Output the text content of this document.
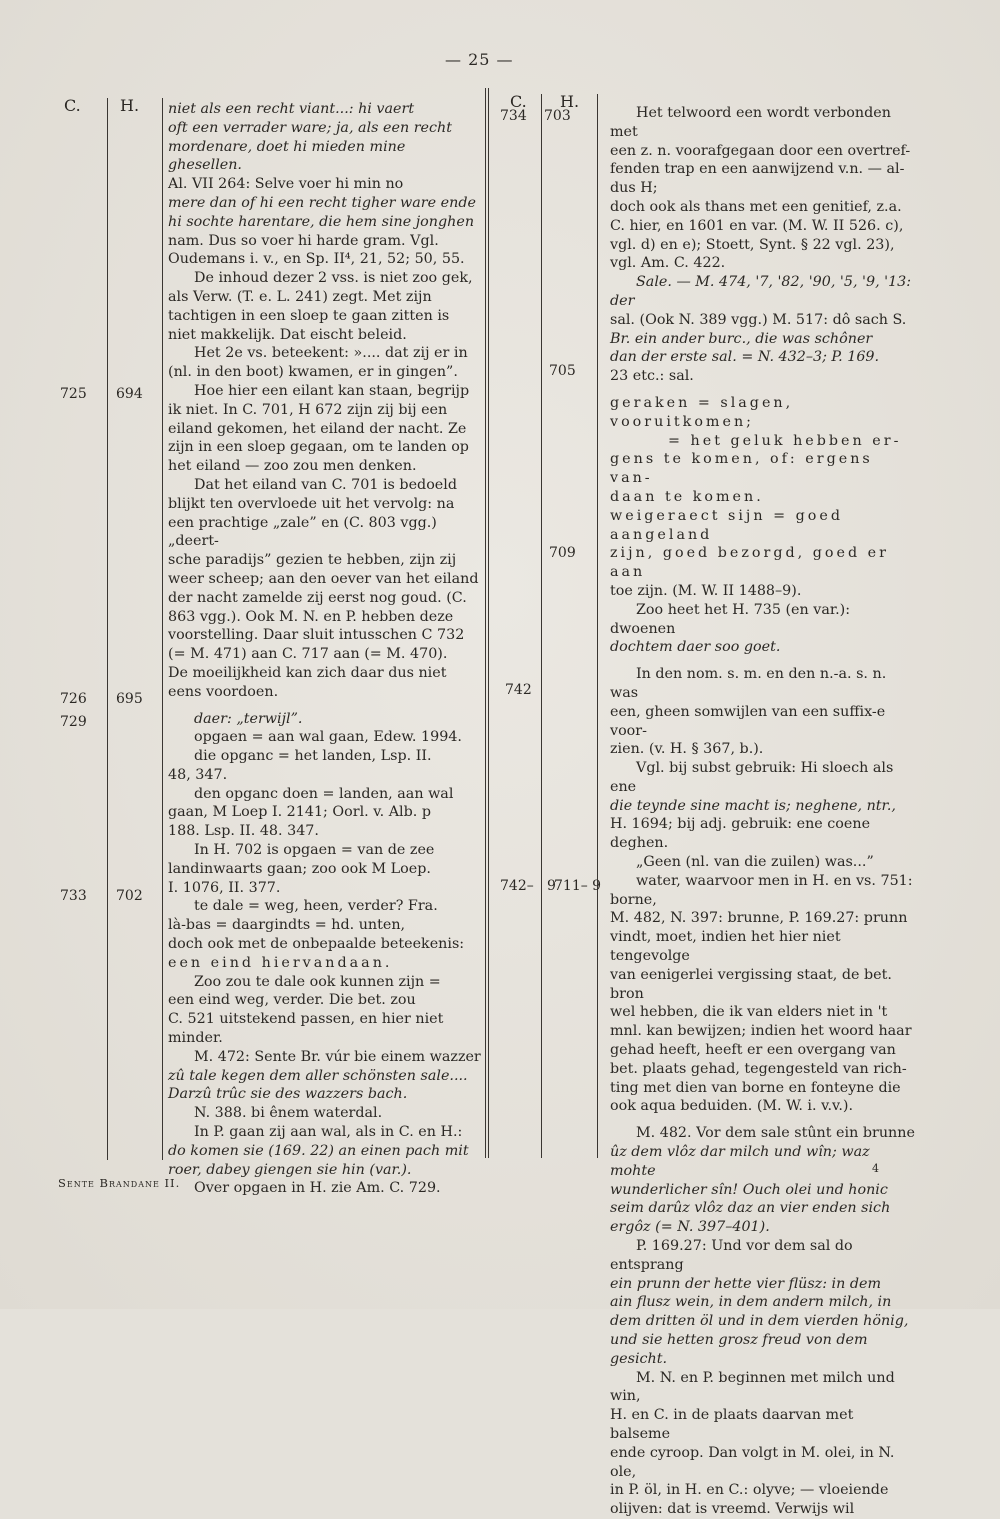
— 25 —
C. H.	C. H.
725
726
729
733
694
695
702
734
742
742– 9
703
705
709
711– 9

niet als een recht viant...: hi vaert

oft een verrader ware; ja, als een recht

mordenare, doet hi mieden mine ghesellen.

Al. VII 264: Selve voer hi min no

mere dan of hi een recht tigher ware ende

hi sochte harentare, die hem sine jonghen

nam. Dus so voer hi harde gram. Vgl.

Oudemans i. v., en Sp. II⁴, 21, 52; 50, 55.

De inhoud dezer 2 vss. is niet zoo gek,

als Verw. (T. e. L. 241) zegt. Met zijn

tachtigen in een sloep te gaan zitten is

niet makkelijk. Dat eischt beleid.

Het 2e vs. beteekent: ».... dat zij er in

(nl. in den boot) kwamen, er in gingen”.

Hoe hier een eilant kan staan, begrijp

ik niet. In C. 701, H 672 zijn zij bij een

eiland gekomen, het eiland der nacht. Ze

zijn in een sloep gegaan, om te landen op

het eiland — zoo zou men denken.

Dat het eiland van C. 701 is bedoeld

blijkt ten overvloede uit het vervolg: na

een prachtige „zale” en (C. 803 vgg.) „deert-

sche paradijs” gezien te hebben, zijn zij

weer scheep; aan den oever van het eiland

der nacht zamelde zij eerst nog goud. (C.

863 vgg.). Ook M. N. en P. hebben deze

voorstelling. Daar sluit intusschen C 732

(= M. 471) aan C. 717 aan (= M. 470).

De moeilijkheid kan zich daar dus niet

eens voordoen.

daer: „terwijl”.

opgaen = aan wal gaan, Edew. 1994.

die opganc = het landen, Lsp. II.

48, 347.

den opganc doen = landen, aan wal

gaan, M Loep I. 2141; Oorl. v. Alb. p

188. Lsp. II. 48. 347.

In H. 702 is opgaen = van de zee

landinwaarts gaan; zoo ook M Loep.

I. 1076, II. 377.

te dale = weg, heen, verder? Fra.

là-bas = daargindts = hd. unten,

doch ook met de onbepaalde beteekenis:

een eind hiervandaan.

Zoo zou te dale ook kunnen zijn =

een eind weg, verder. Die bet. zou

C. 521 uitstekend passen, en hier niet minder.

M. 472: Sente Br. vúr bie einem wazzer

zû tale kegen dem aller schönsten sale....

Darzû trûc sie des wazzers bach.

N. 388. bi ênem waterdal.

In P. gaan zij aan wal, als in C. en H.:

do komen sie (169. 22) an einen pach mit

roer, dabey giengen sie hin (var.).

Over opgaen in H. zie Am. C. 729.

Het telwoord een wordt verbonden met

een z. n. voorafgegaan door een overtref-

fenden trap en een aanwijzend v.n. — al-

dus H;

doch ook als thans met een genitief, z.a.

C. hier, en 1601 en var. (M. W. II 526. c),

vgl. d) en e); Stoett, Synt. § 22 vgl. 23),

vgl. Am. C. 422.

Sale. — M. 474, '7, '82, '90, '5, '9, '13: der

sal. (Ook N. 389 vgg.) M. 517: dô sach S.

Br. ein ander burc., die was schôner

dan der erste sal. = N. 432–3; P. 169.

23 etc.: sal.

geraken = slagen, vooruitkomen;

= het geluk hebben er-

gens te komen, of: ergens van-

daan te komen.

weigeraect sijn = goed aangeland

zijn, goed bezorgd, goed er aan

toe zijn. (M. W. II 1488–9).

Zoo heet het H. 735 (en var.): dwoenen

dochtem daer soo goet.

In den nom. s. m. en den n.-a. s. n. was

een, gheen somwijlen van een suffix-e voor-

zien. (v. H. § 367, b.).

Vgl. bij subst gebruik: Hi sloech als ene

die teynde sine macht is; neghene, ntr.,

H. 1694; bij adj. gebruik: ene coene deghen.

„Geen (nl. van die zuilen) was...”

water, waarvoor men in H. en vs. 751: borne,

M. 482, N. 397: brunne, P. 169.27: prunn

vindt, moet, indien het hier niet tengevolge

van eenigerlei vergissing staat, de bet. bron

wel hebben, die ik van elders niet in 't

mnl. kan bewijzen; indien het woord haar

gehad heeft, heeft er een overgang van

bet. plaats gehad, tegengesteld van rich-

ting met dien van borne en fonteyne die

ook aqua beduiden. (M. W. i. v.v.).

M. 482. Vor dem sale stûnt ein brunne

ûz dem vlôz dar milch und wîn; waz mohte

wunderlicher sîn! Ouch olei und honic

seim darûz vlôz daz an vier enden sich

ergôz (= N. 397–401).

P. 169.27: Und vor dem sal do entsprang

ein prunn der hette vier flüsz: in dem

ain flusz wein, in dem andern milch, in

dem dritten öl und in dem vierden hönig,

und sie hetten grosz freud von dem gesicht.

M. N. en P. beginnen met milch und win,

H. en C. in de plaats daarvan met balseme

ende cyroop. Dan volgt in M. olei, in N. ole,

in P. öl, in H. en C.: olyve; — vloeiende

olijven: dat is vreemd. Verwijs wil

4
Sente Brandane II.
